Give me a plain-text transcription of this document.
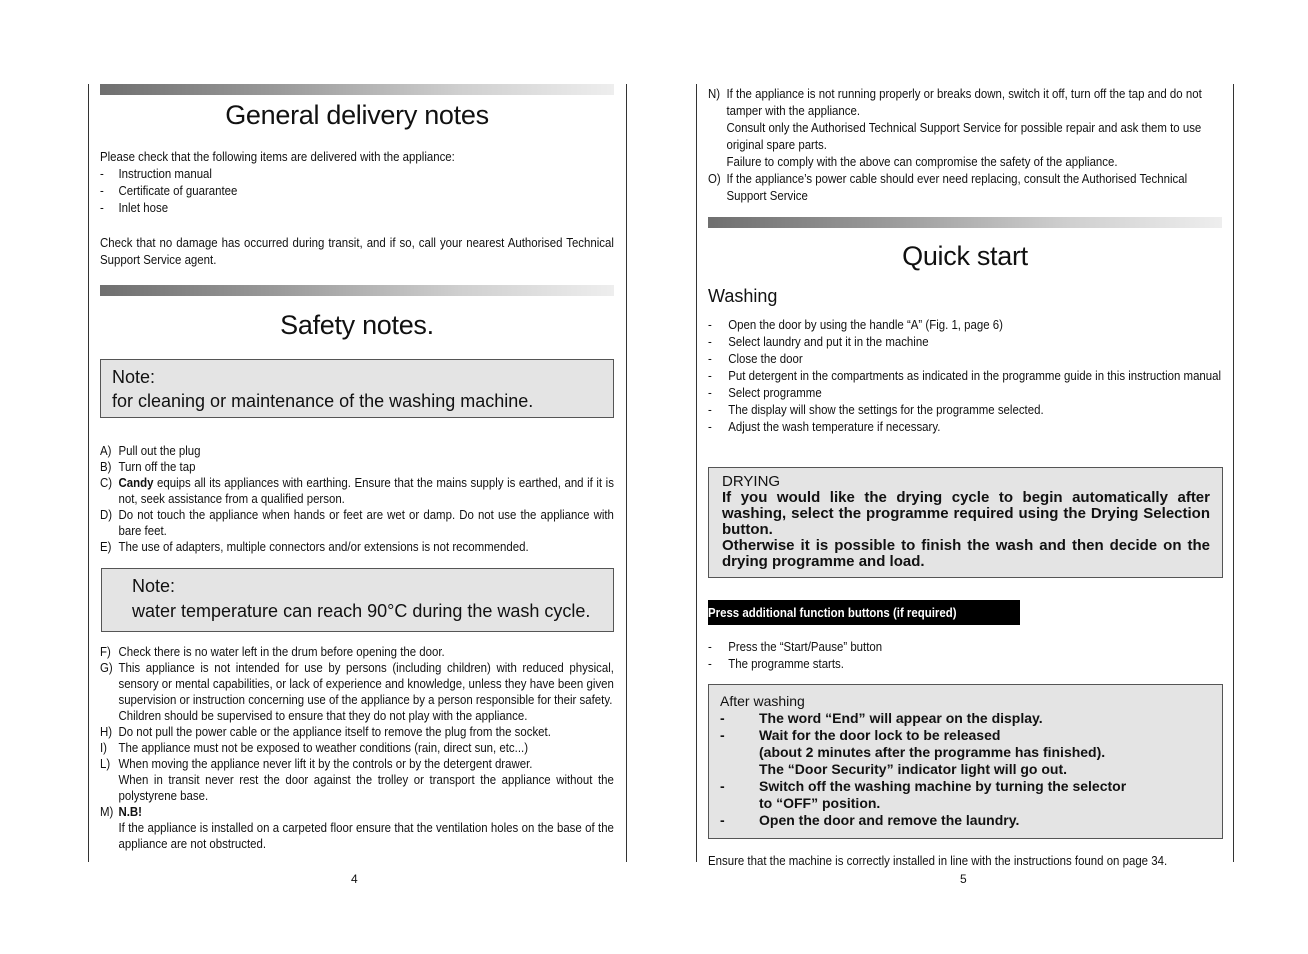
General delivery notes
Please check that the following items are delivered with the appliance:
- Instruction manual
- Certificate of guarantee
- Inlet hose
Check that no damage has occurred during transit, and if so, call your nearest Authorised Technical Support Service agent.
Safety notes.
Note:
for cleaning or maintenance of the washing machine.
A) Pull out the plug
B) Turn off the tap
C) Candy equips all its appliances with earthing. Ensure that the mains supply is earthed, and if it is not, seek assistance from a qualified person.
D) Do not touch the appliance when hands or feet are wet or damp. Do not use the appliance with bare feet.
E) The use of adapters, multiple connectors and/or extensions is not recommended.
Note:
water temperature can reach 90°C during the wash cycle.
F) Check there is no water left in the drum before opening the door.
G) This appliance is not intended for use by persons (including children) with reduced physical, sensory or mental capabilities, or lack of experience and knowledge, unless they have been given supervision or instruction concerning use of the appliance by a person responsible for their safety.
Children should be supervised to ensure that they do not play with the appliance.
H) Do not pull the power cable or the appliance itself to remove the plug from the socket.
I) The appliance must not be exposed to weather conditions (rain, direct sun, etc...)
L) When moving the appliance never lift it by the controls or by the detergent drawer.
When in transit never rest the door against the trolley or transport the appliance without the polystyrene base.
M) N.B!
If the appliance is installed on a carpeted floor ensure that the ventilation holes on the base of the appliance are not obstructed.
4
N) If the appliance is not running properly or breaks down, switch it off, turn off the tap and do not tamper with the appliance.
Consult only the Authorised Technical Support Service for possible repair and ask them to use original spare parts.
Failure to comply with the above can compromise the safety of the appliance.
O) If the appliance’s power cable should ever need replacing, consult the Authorised Technical Support Service
Quick start
Washing
- Open the door by using the handle “A” (Fig. 1, page 6)
- Select laundry and put it in the machine
- Close the door
- Put detergent in the compartments as indicated in the programme guide in this instruction manual
- Select programme
- The display will show the settings for the programme selected.
- Adjust the wash temperature if necessary.
DRYING
If you would like the drying cycle to begin automatically after washing, select the programme required using the Drying Selection button.
Otherwise it is possible to finish the wash and then decide on the drying programme and load.
Press additional function buttons (if required)
- Press the “Start/Pause” button
- The programme starts.
After washing
- The word “End” will appear on the display.
- Wait for the door lock to be released
(about 2 minutes after the programme has finished).
The “Door Security” indicator light will go out.
- Switch off the washing machine by turning the selector
to “OFF” position.
- Open the door and remove the laundry.
Ensure that the machine is correctly installed in line with the instructions found on page 34.
5
